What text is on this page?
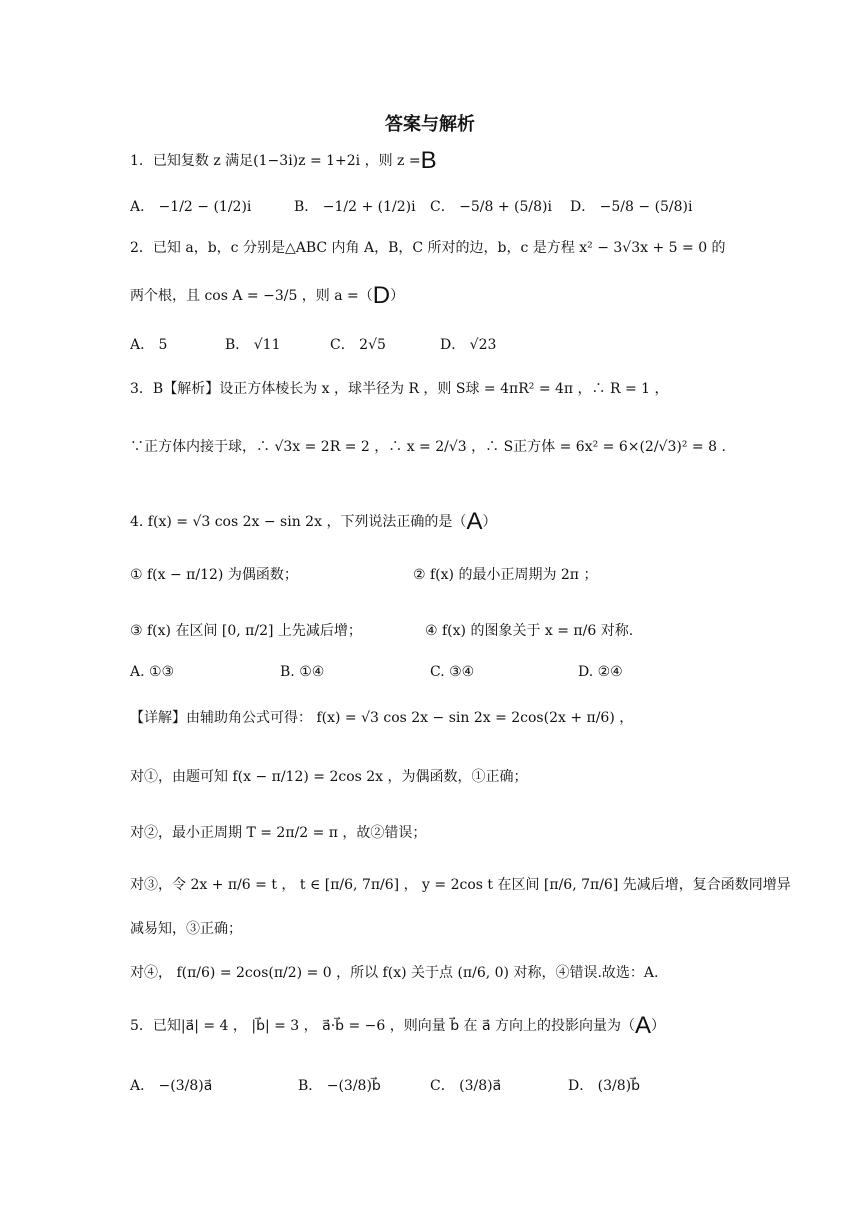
答案与解析
1．已知复数 z 满足(1−3i)z = 1+2i ，则 z =B
A． −1/2 − (1/2)i	B． −1/2 + (1/2)i C． −5/8 + (5/8)i D． −5/8 − (5/8)i
2．已知 a，b，c 分别是△ABC 内角 A，B，C 所对的边，b，c 是方程 x² − 3√3x + 5 = 0 的
两个根，且 cos A = −3/5 ，则 a =（D）
A． 5	B． √11	C． 2√5	D． √23
3．B【解析】设正方体棱长为 x ，球半径为 R ，则 S球 = 4πR² = 4π ，∴ R = 1 ，
∵正方体内接于球，∴ √3x = 2R = 2 ，∴ x = 2/√3 ，∴ S正方体 = 6x² = 6×(2/√3)² = 8 .
4. f(x) = √3 cos 2x − sin 2x ，下列说法正确的是（A）
① f(x − π/12) 为偶函数；	② f(x) 的最小正周期为 2π ；
③ f(x) 在区间 [0, π/2] 上先减后增；	④ f(x) 的图象关于 x = π/6 对称.
A. ①③	B. ①④	C. ③④	D. ②④
【详解】由辅助角公式可得： f(x) = √3 cos 2x − sin 2x = 2cos(2x + π/6) ，
对①，由题可知 f(x − π/12) = 2cos 2x ，为偶函数，①正确；
对②，最小正周期 T = 2π/2 = π ，故②错误；
对③，令 2x + π/6 = t ， t ∈ [π/6, 7π/6] ， y = 2cos t 在区间 [π/6, 7π/6] 先减后增，复合函数同增异
减易知，③正确；
对④， f(π/6) = 2cos(π/2) = 0 ，所以 f(x) 关于点 (π/6, 0) 对称，④错误.故选：A.
5．已知|a⃗| = 4 ， |b⃗| = 3 ， a⃗·b⃗ = −6 ，则向量 b⃗ 在 a⃗ 方向上的投影向量为（A）
A． −(3/8)a⃗	B． −(3/8)b⃗	C． (3/8)a⃗	D． (3/8)b⃗
